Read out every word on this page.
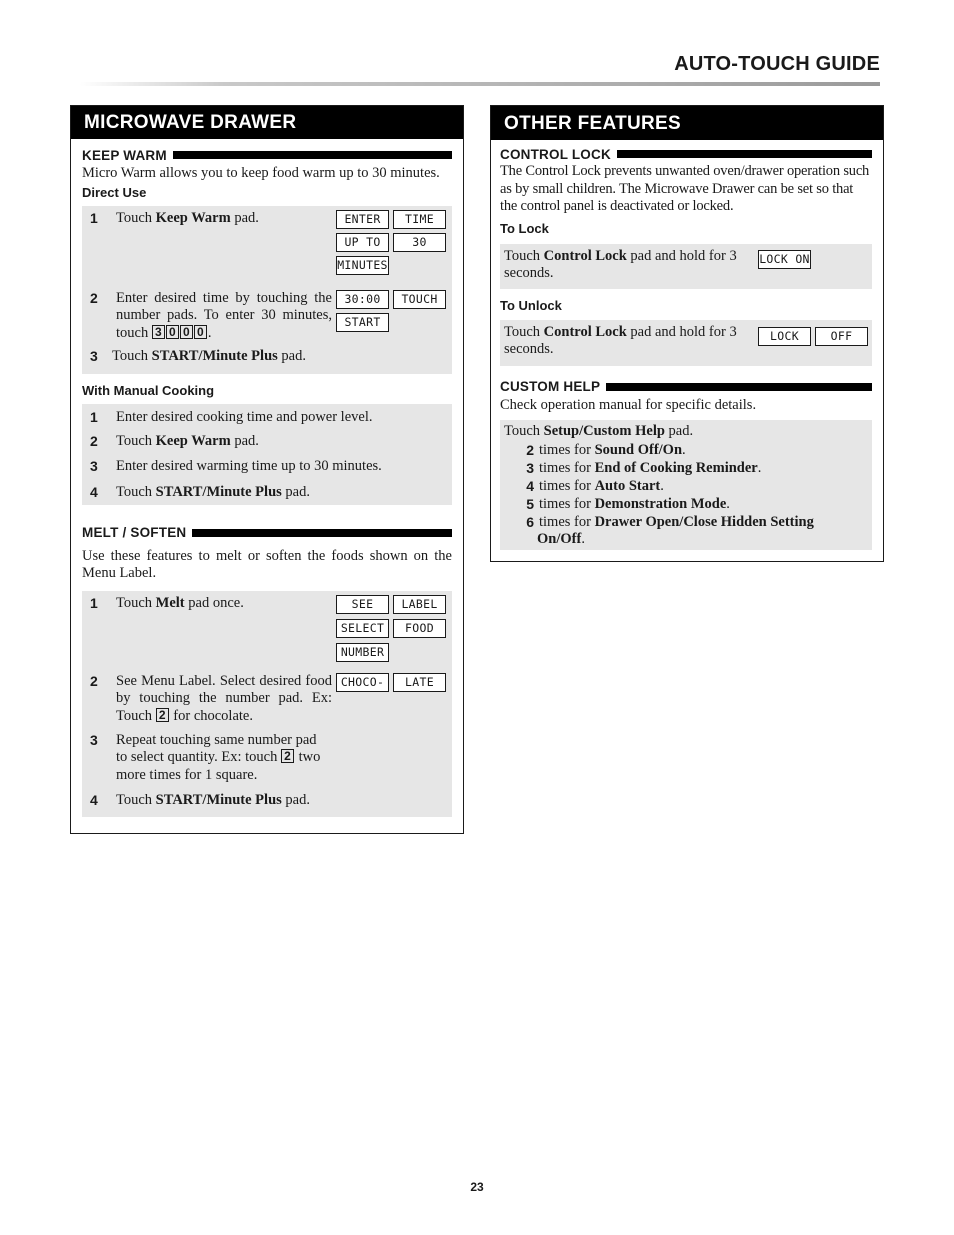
AUTO-TOUCH GUIDE
MICROWAVE DRAWER
KEEP WARM
Micro Warm allows you to keep food warm up to 30 minutes.
Direct Use
1	Touch Keep Warm pad.	ENTER	TIME
UP TO	30
MINUTES
2	Enter desired time by touching the number pads. To enter 30 minutes, touch 3 0 0 0 .
30:00	TOUCH
START
3 Touch START/Minute Plus pad.
With Manual Cooking
1	Enter desired cooking time and power level.
2	Touch Keep Warm pad.
3	Enter desired warming time up to 30 minutes.
4	Touch START/Minute Plus pad.
MELT / SOFTEN
Use these features to melt or soften the foods shown on the Menu Label.
1	Touch Melt pad once.	SEE	LABEL
SELECT	FOOD
NUMBER
2	See Menu Label. Select desired food by touching the number pad. Ex: Touch 2 for chocolate.
CHOCO-	LATE
3	Repeat touching same number pad to select quantity. Ex: touch 2 two more times for 1 square.
4	Touch START/Minute Plus pad.
OTHER FEATURES
CONTROL LOCK
The Control Lock prevents unwanted oven/drawer operation such as by small children. The Microwave Drawer can be set so that the control panel is deactivated or locked.
To Lock
Touch Control Lock pad and hold for 3 seconds.
LOCK ON
To Unlock
Touch Control Lock pad and hold for 3 seconds.
LOCK	OFF
CUSTOM HELP
Check operation manual for specific details.
Touch Setup/Custom Help pad.
2 times for Sound Off/On.
3 times for End of Cooking Reminder.
4 times for Auto Start.
5 times for Demonstration Mode.
6 times for Drawer Open/Close Hidden Setting
On/Off.
23
